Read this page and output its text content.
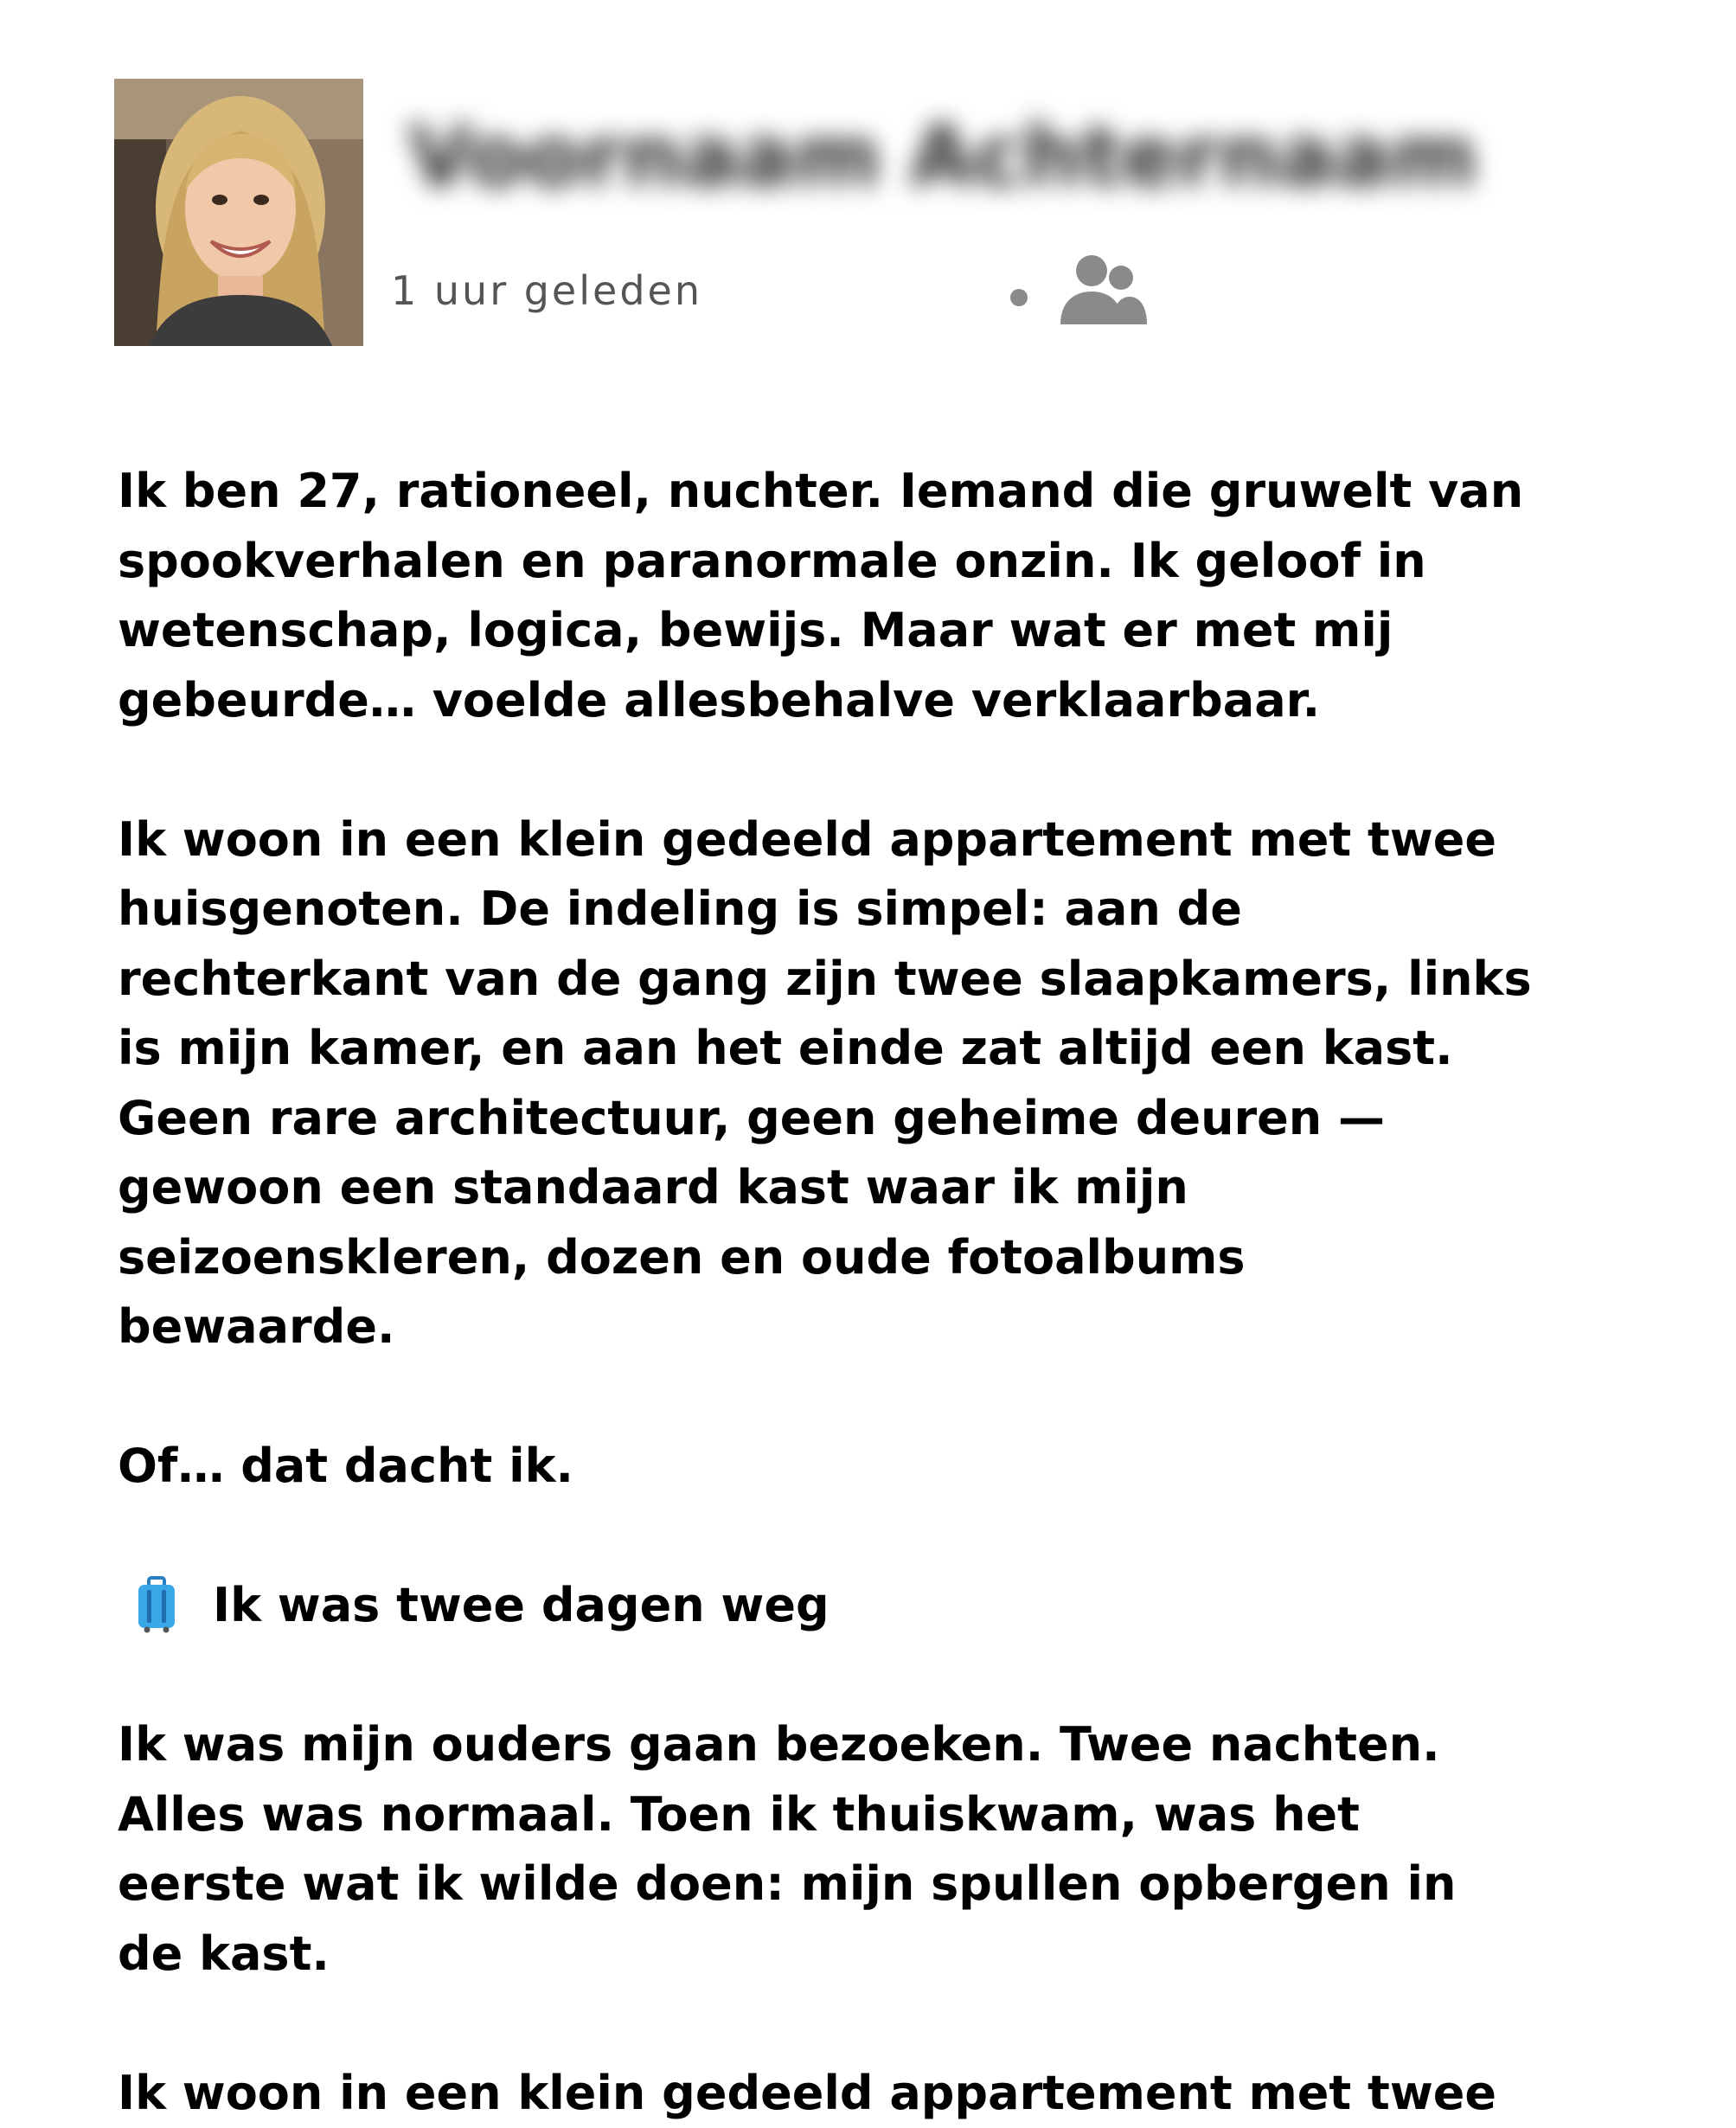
Voornaam Achternaam
1 uur geleden

Ik ben 27, rationeel, nuchter. Iemand die gruwelt van
spookverhalen en paranormale onzin. Ik geloof in
wetenschap, logica, bewijs. Maar wat er met mij
gebeurde… voelde allesbehalve verklaarbaar.

Ik woon in een klein gedeeld appartement met twee
huisgenoten. De indeling is simpel: aan de
rechterkant van de gang zijn twee slaapkamers, links
is mijn kamer, en aan het einde zat altijd een kast.
Geen rare architectuur, geen geheime deuren —
gewoon een standaard kast waar ik mijn
seizoenskleren, dozen en oude fotoalbums
bewaarde.

Of… dat dacht ik.

Ik was twee dagen weg

Ik was mijn ouders gaan bezoeken. Twee nachten.
Alles was normaal. Toen ik thuiskwam, was het
eerste wat ik wilde doen: mijn spullen opbergen in
de kast.

Ik woon in een klein gedeeld appartement met twee
